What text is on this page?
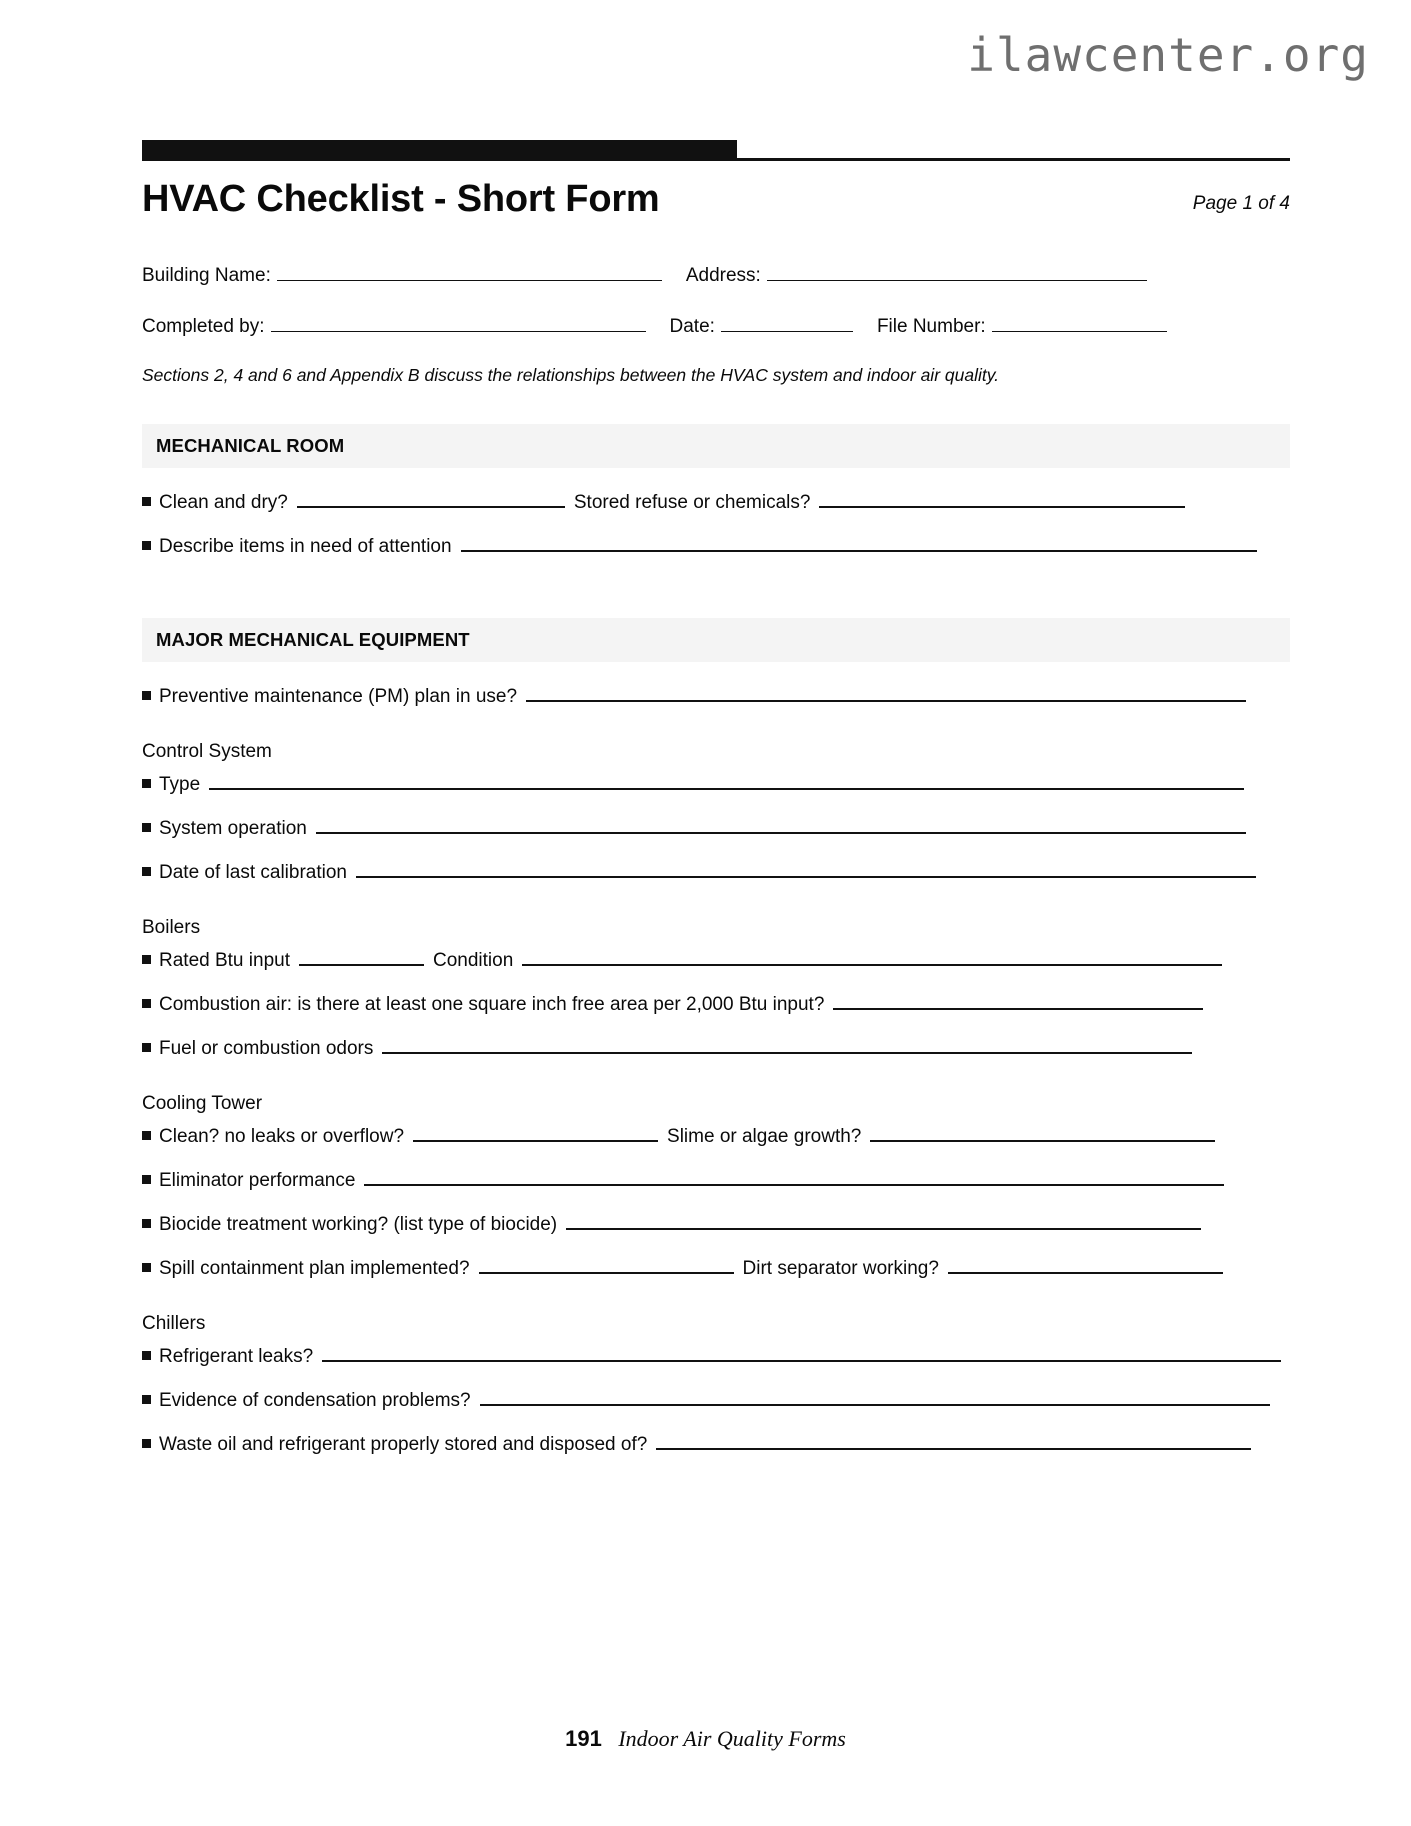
ilawcenter.org
HVAC Checklist - Short Form	Page 1 of 4
Building Name:	Address:
Completed by:	Date:	File Number:
Sections 2, 4 and 6 and Appendix B discuss the relationships between the HVAC system and indoor air quality.
MECHANICAL ROOM
Clean and dry?	Stored refuse or chemicals?
Describe items in need of attention
MAJOR MECHANICAL EQUIPMENT
Preventive maintenance (PM) plan in use?
Control System
Type
System operation
Date of last calibration
Boilers
Rated Btu input	Condition
Combustion air: is there at least one square inch free area per 2,000 Btu input?
Fuel or combustion odors
Cooling Tower
Clean? no leaks or overflow?	Slime or algae growth?
Eliminator performance
Biocide treatment working? (list type of biocide)
Spill containment plan implemented?	Dirt separator working?
Chillers
Refrigerant leaks?
Evidence of condensation problems?
Waste oil and refrigerant properly stored and disposed of?
191 Indoor Air Quality Forms
